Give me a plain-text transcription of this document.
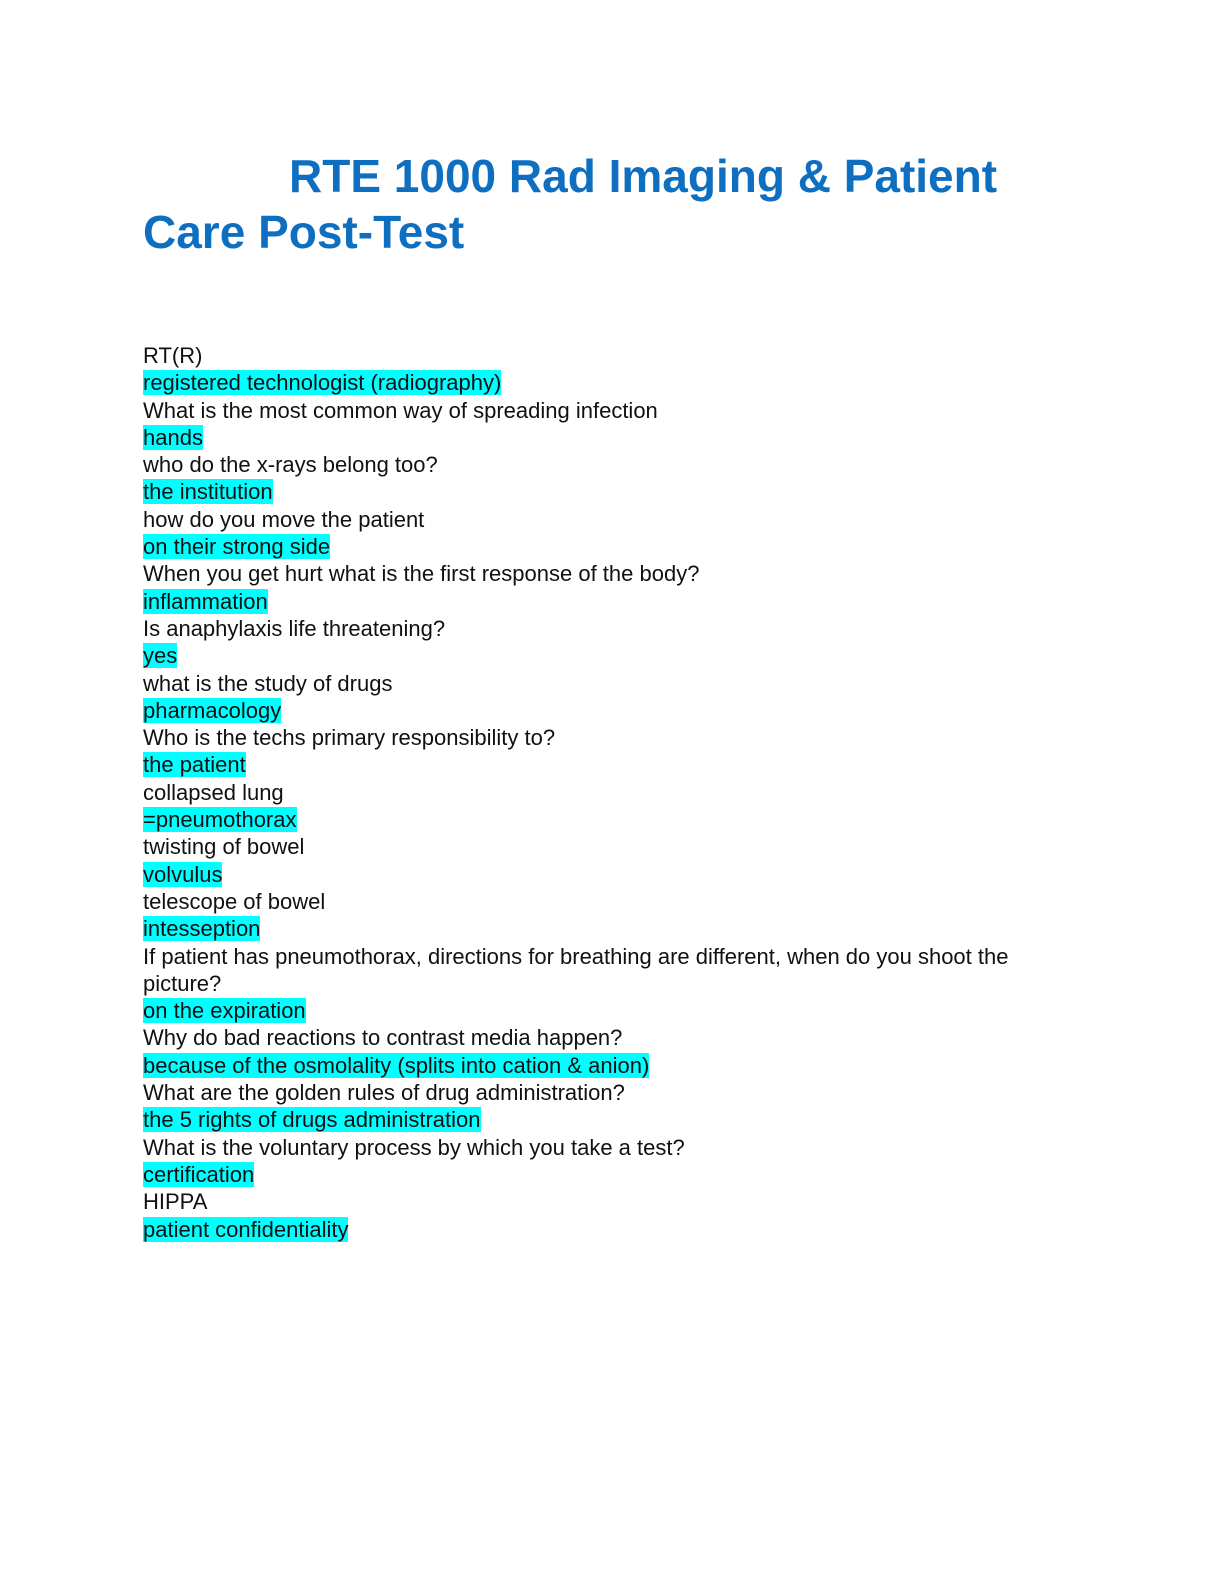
RTE 1000 Rad Imaging & Patient Care Post-Test
RT(R)
registered technologist (radiography)
What is the most common way of spreading infection
hands
who do the x-rays belong too?
the institution
how do you move the patient
on their strong side
When you get hurt what is the first response of the body?
inflammation
Is anaphylaxis life threatening?
yes
what is the study of drugs
pharmacology
Who is the techs primary responsibility to?
the patient
collapsed lung
=pneumothorax
twisting of bowel
volvulus
telescope of bowel
intesseption
If patient has pneumothorax, directions for breathing are different, when do you shoot the picture?
on the expiration
Why do bad reactions to contrast media happen?
because of the osmolality (splits into cation & anion)
What are the golden rules of drug administration?
the 5 rights of drugs administration
What is the voluntary process by which you take a test?
certification
HIPPA
patient confidentiality
